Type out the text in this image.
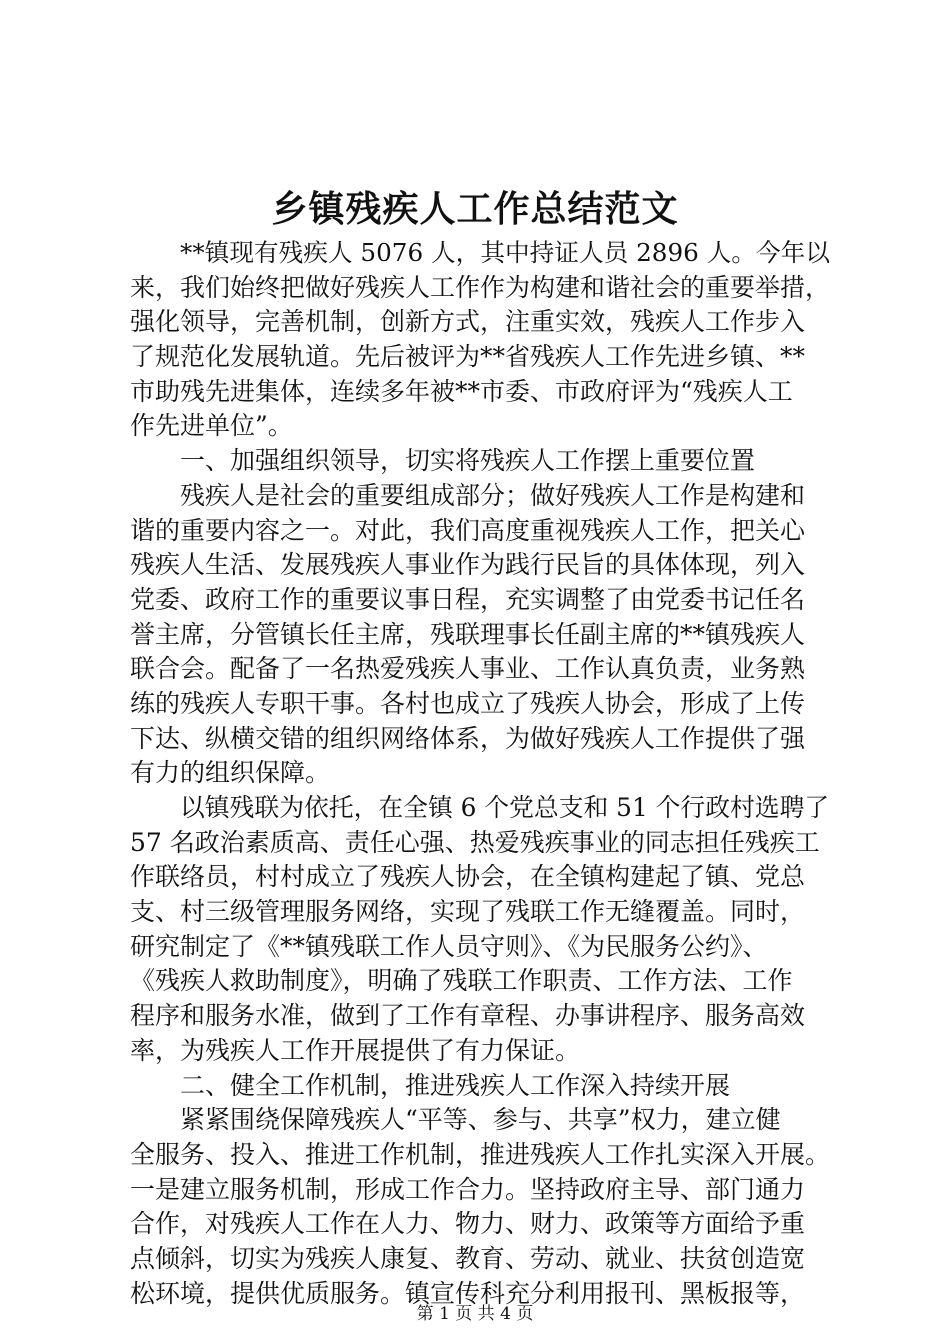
乡镇残疾人工作总结范文
**镇现有残疾人 5076 人，其中持证人员 2896 人。今年以
来，我们始终把做好残疾人工作作为构建和谐社会的重要举措，
强化领导，完善机制，创新方式，注重实效，残疾人工作步入
了规范化发展轨道。先后被评为**省残疾人工作先进乡镇、**
市助残先进集体，连续多年被**市委、市政府评为“残疾人工
作先进单位”。
一、加强组织领导，切实将残疾人工作摆上重要位置
残疾人是社会的重要组成部分；做好残疾人工作是构建和
谐的重要内容之一。对此，我们高度重视残疾人工作，把关心
残疾人生活、发展残疾人事业作为践行民旨的具体体现，列入
党委、政府工作的重要议事日程，充实调整了由党委书记任名
誉主席，分管镇长任主席，残联理事长任副主席的**镇残疾人
联合会。配备了一名热爱残疾人事业、工作认真负责，业务熟
练的残疾人专职干事。各村也成立了残疾人协会，形成了上传
下达、纵横交错的组织网络体系，为做好残疾人工作提供了强
有力的组织保障。
以镇残联为依托，在全镇 6 个党总支和 51 个行政村选聘了
57 名政治素质高、责任心强、热爱残疾事业的同志担任残疾工
作联络员，村村成立了残疾人协会，在全镇构建起了镇、党总
支、村三级管理服务网络，实现了残联工作无缝覆盖。同时，
研究制定了《**镇残联工作人员守则》、《为民服务公约》、
《残疾人救助制度》，明确了残联工作职责、工作方法、工作
程序和服务水准，做到了工作有章程、办事讲程序、服务高效
率，为残疾人工作开展提供了有力保证。
二、健全工作机制，推进残疾人工作深入持续开展
紧紧围绕保障残疾人“平等、参与、共享”权力，建立健
全服务、投入、推进工作机制，推进残疾人工作扎实深入开展。
一是建立服务机制，形成工作合力。坚持政府主导、部门通力
合作，对残疾人工作在人力、物力、财力、政策等方面给予重
点倾斜，切实为残疾人康复、教育、劳动、就业、扶贫创造宽
松环境，提供优质服务。镇宣传科充分利用报刊、黑板报等，
第 1 页 共 4 页
